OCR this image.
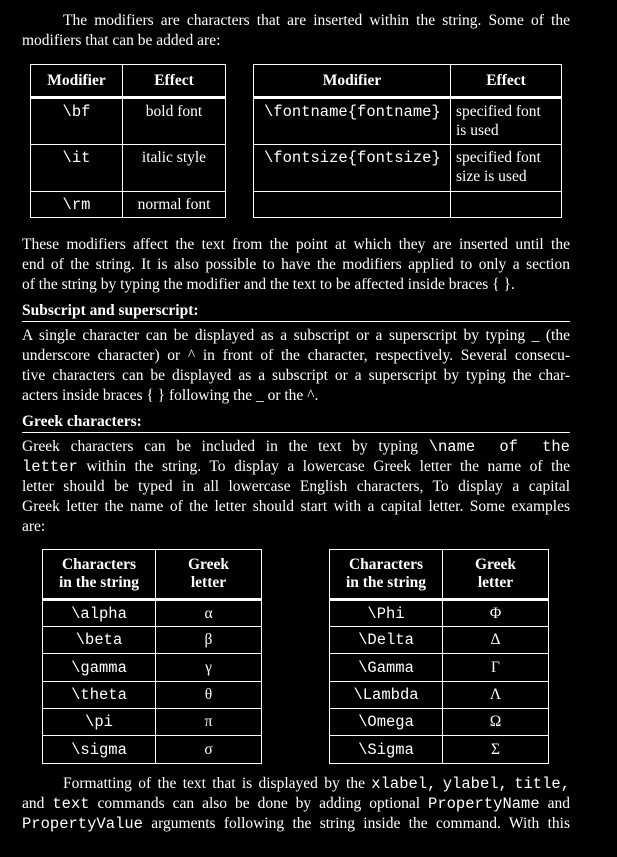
The modifiers are characters that are inserted within the string. Some of the
modifiers that can be added are:
Modifier	Effect
\bf	bold font
\it	italic style
\rm	normal font
Modifier	Effect
\fontname{fontname}	specified font
is used
\fontsize{fontsize}	specified font
size is used

These modifiers affect the text from the point at which they are inserted until the
end of the string. It is also possible to have the modifiers applied to only a section
of the string by typing the modifier and the text to be affected inside braces { }.
Subscript and superscript:
A single character can be displayed as a subscript or a superscript by typing _ (the
underscore character) or ^ in front of the character, respectively. Several consecu-
tive characters can be displayed as a subscript or a superscript by typing the char-
acters inside braces { } following the _ or the ^.
Greek characters:
Greek characters can be included in the text by typing \name of the
letter within the string. To display a lowercase Greek letter the name of the
letter should be typed in all lowercase English characters, To display a capital
Greek letter the name of the letter should start with a capital letter. Some examples
are:
Characters
in the string	Greek
letter
\alpha	α
\beta	β
\gamma	γ
\theta	θ
\pi	π
\sigma	σ
Characters
in the string	Greek
letter
\Phi	Φ
\Delta	Δ
\Gamma	Γ
\Lambda	Λ
\Omega	Ω
\Sigma	Σ
Formatting of the text that is displayed by the xlabel, ylabel, title,
and text commands can also be done by adding optional PropertyName and
PropertyValue arguments following the string inside the command. With this
